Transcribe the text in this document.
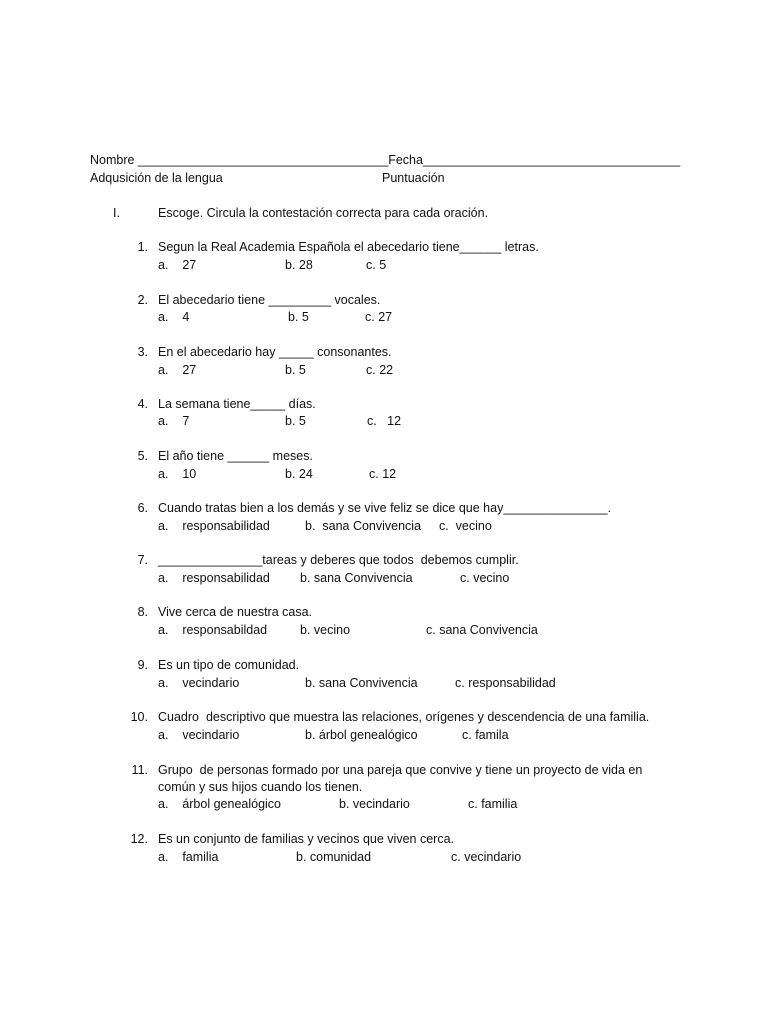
Nombre ____________________________________Fecha_____________________________________
Adqusición de la lengua	Puntuación
I.	Escoge. Circula la contestación correcta para cada oración.
1. Segun la Real Academia Española el abecedario tiene______ letras.
a.    27	b. 28	c. 5
2. El abecedario tiene _________ vocales.
a.    4	b. 5	c. 27
3. En el abecedario hay _____ consonantes.
a.    27	b. 5	c. 22
4. La semana tiene_____ días.
a.    7	b. 5	c.   12
5. El año tiene ______ meses.
a.    10	b. 24	c. 12
6. Cuando tratas bien a los demás y se vive feliz se dice que hay_______________.
a.    responsabilidad	b.  sana Convivencia c.  vecino
7. _______________tareas y deberes que todos  debemos cumplir.
a.    responsabilidad b. sana Convivencia	c. vecino
8. Vive cerca de nuestra casa.
a.    responsabildad	b. vecino	c. sana Convivencia
9. Es un tipo de comunidad.
a.    vecindario	b. sana Convivencia	c. responsabilidad
10. Cuadro  descriptivo que muestra las relaciones, orígenes y descendencia de una familia.
a.    vecindario	b. árbol genealógico	c. famila
11. Grupo  de personas formado por una pareja que convive y tiene un proyecto de vida en
común y sus hijos cuando los tienen.
a.    árbol genealógico	b. vecindario	c. familia
12. Es un conjunto de familias y vecinos que viven cerca.
a.    familia	b. comunidad	c. vecindario
